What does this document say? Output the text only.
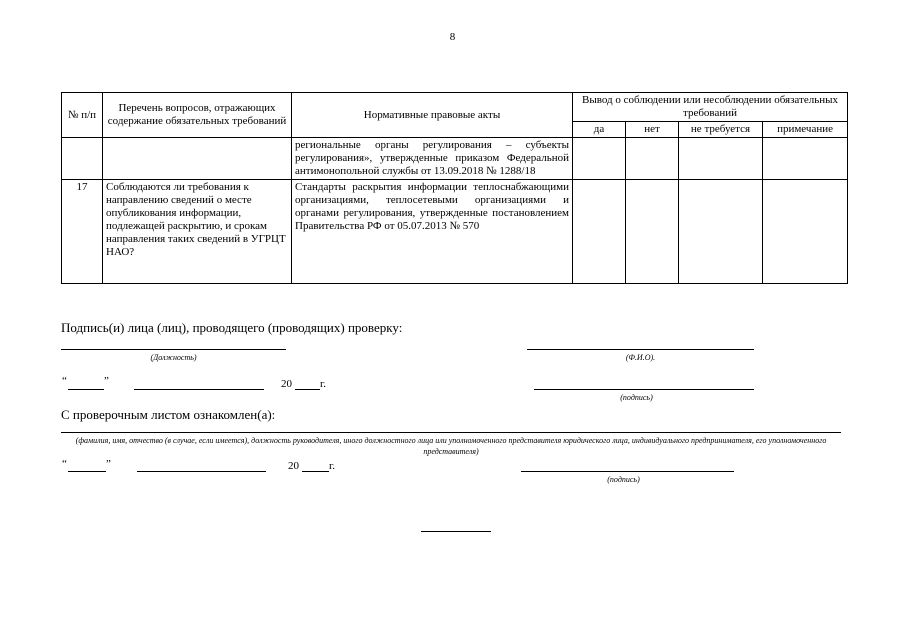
8
№ п/п	Перечень вопросов, отражающих содержание обязательных требований	Нормативные правовые акты	Вывод о соблюдении или несоблюдении обязательных требований			
			да	нет	не требуется	примечание
		региональные органы регулирования – субъекты регулирования», утвержденные приказом Федеральной антимонопольной службы от 13.09.2018 № 1288/18				
17	Соблюдаются ли требования к направлению сведений о месте опубликования информации, подлежащей раскрытию, и срокам направления таких сведений в УГРЦТ НАО?	Стандарты раскрытия информации теплоснабжающими организациями, теплосетевыми организациями и органами регулирования, утвержденные постановлением Правительства РФ от 05.07.2013 № 570				
Подпись(и) лица (лиц), проводящего (проводящих) проверку:
(Должность)	(Ф.И.О).
“	”	20	г.
(подпись)
С проверочным листом ознакомлен(а):
(фамилия, имя, отчество (в случае, если имеется), должность руководителя, иного должностного лица или уполномоченного представителя юридического лица, индивидуального предпринимателя, его уполномоченного представителя)
“	”	20	г.
(подпись)
